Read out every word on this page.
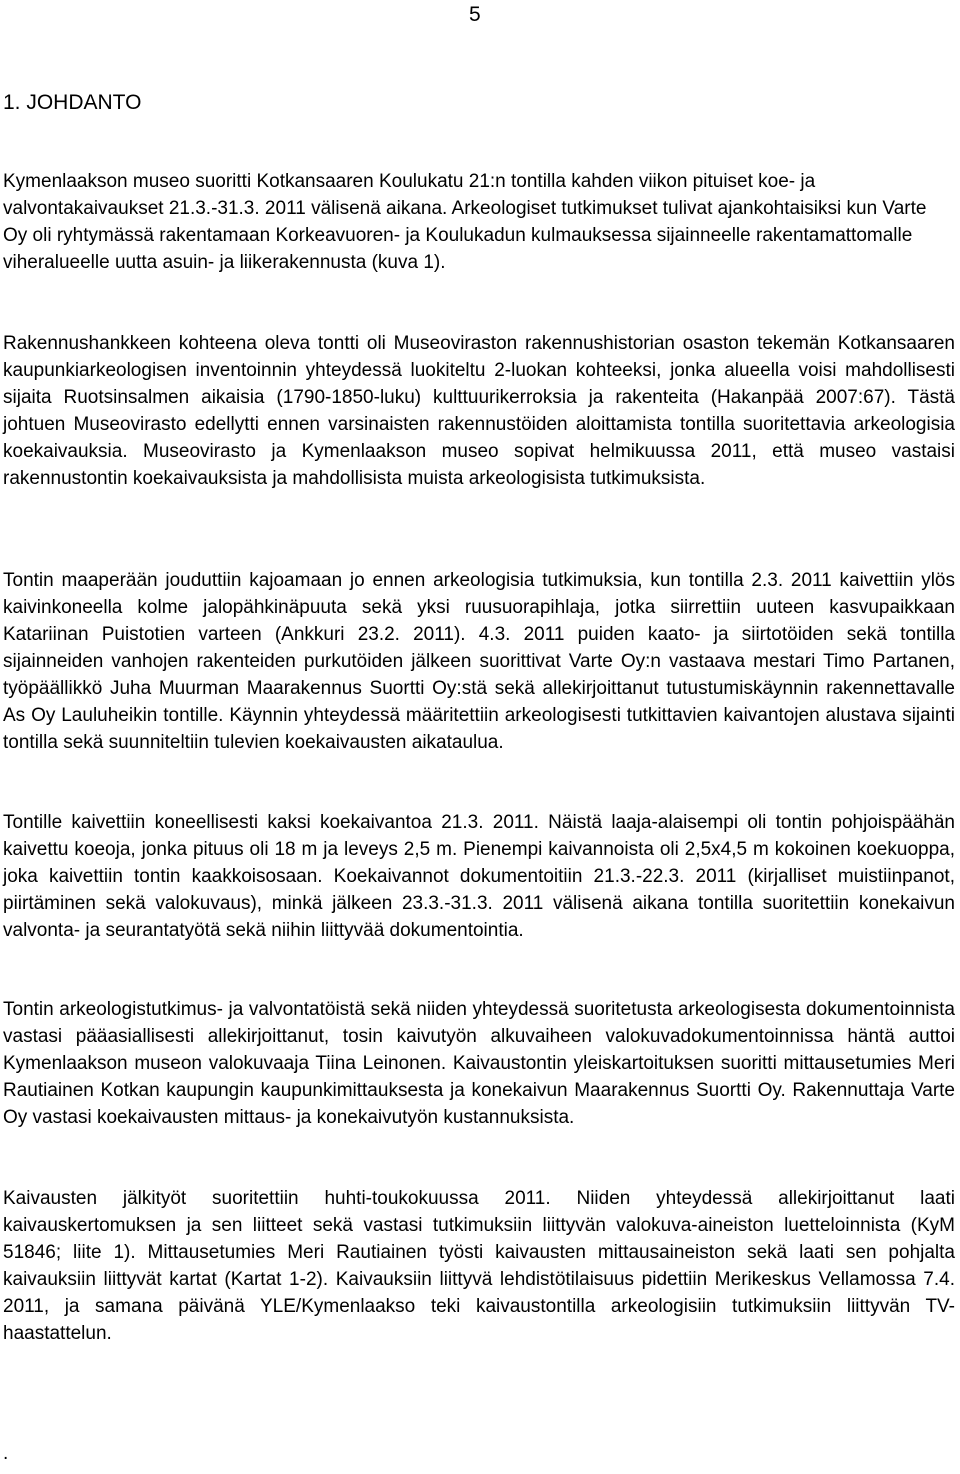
5
1. JOHDANTO

Kymenlaakson museo suoritti Kotkansaaren Koulukatu 21:n tontilla kahden viikon pituiset koe- ja valvontakaivaukset 21.3.-31.3. 2011 välisenä aikana. Arkeologiset tutkimukset tulivat ajankohtaisiksi kun Varte Oy oli ryhtymässä rakentamaan Korkeavuoren- ja Koulukadun kulmauksessa sijainneelle rakentamattomalle viheralueelle uutta asuin- ja liikerakennusta (kuva 1).

Rakennushankkeen kohteena oleva tontti oli Museoviraston rakennushistorian osaston tekemän Kotkansaaren kaupunkiarkeologisen inventoinnin yhteydessä luokiteltu 2-luokan kohteeksi, jonka alueella voisi mahdollisesti sijaita Ruotsinsalmen aikaisia (1790-1850-luku) kulttuurikerroksia ja rakenteita (Hakanpää 2007:67). Tästä johtuen Museovirasto edellytti ennen varsinaisten rakennustöiden aloittamista tontilla suoritettavia arkeologisia koekaivauksia. Museovirasto ja Kymenlaakson museo sopivat helmikuussa 2011, että museo vastaisi rakennustontin koekaivauksista ja mahdollisista muista arkeologisista tutkimuksista.

Tontin maaperään jouduttiin kajoamaan jo ennen arkeologisia tutkimuksia, kun tontilla 2.3. 2011 kaivettiin ylös kaivinkoneella kolme jalopähkinäpuuta sekä yksi ruusuorapihlaja, jotka siirrettiin uuteen kasvupaikkaan Katariinan Puistotien varteen (Ankkuri 23.2. 2011). 4.3. 2011 puiden kaato- ja siirtotöiden sekä tontilla sijainneiden vanhojen rakenteiden purkutöiden jälkeen suorittivat Varte Oy:n vastaava mestari Timo Partanen, työpäällikkö Juha Muurman Maarakennus Suortti Oy:stä sekä allekirjoittanut tutustumiskäynnin rakennettavalle As Oy Lauluheikin tontille. Käynnin yhteydessä määritettiin arkeologisesti tutkittavien kaivantojen alustava sijainti tontilla sekä suunniteltiin tulevien koekaivausten aikataulua.

Tontille kaivettiin koneellisesti kaksi koekaivantoa 21.3. 2011. Näistä laaja-alaisempi oli tontin pohjoispäähän kaivettu koeoja, jonka pituus oli 18 m ja leveys 2,5 m. Pienempi kaivannoista oli 2,5x4,5 m kokoinen koekuoppa, joka kaivettiin tontin kaakkoisosaan. Koekaivannot dokumentoitiin 21.3.-22.3. 2011 (kirjalliset muistiinpanot, piirtäminen sekä valokuvaus), minkä jälkeen 23.3.-31.3. 2011 välisenä aikana tontilla suoritettiin konekaivun valvonta- ja seurantatyötä sekä niihin liittyvää dokumentointia.

Tontin arkeologistutkimus- ja valvontatöistä sekä niiden yhteydessä suoritetusta arkeologisesta dokumentoinnista vastasi pääasiallisesti allekirjoittanut, tosin kaivutyön alkuvaiheen valokuvadokumentoinnissa häntä auttoi Kymenlaakson museon valokuvaaja Tiina Leinonen. Kaivaustontin yleiskartoituksen suoritti mittausetumies Meri Rautiainen Kotkan kaupungin kaupunkimittauksesta ja konekaivun Maarakennus Suortti Oy. Rakennuttaja Varte Oy vastasi koekaivausten mittaus- ja konekaivutyön kustannuksista.

Kaivausten jälkityöt suoritettiin huhti-toukokuussa 2011. Niiden yhteydessä allekirjoittanut laati kaivauskertomuksen ja sen liitteet sekä vastasi tutkimuksiin liittyvän valokuva-aineiston luetteloinnista (KyM 51846; liite 1). Mittausetumies Meri Rautiainen työsti kaivausten mittausaineiston sekä laati sen pohjalta kaivauksiin liittyvät kartat (Kartat 1-2). Kaivauksiin liittyvä lehdistötilaisuus pidettiin Merikeskus Vellamossa 7.4. 2011, ja samana päivänä YLE/Kymenlaakso teki kaivaustontilla arkeologisiin tutkimuksiin liittyvän TV-haastattelun.

.
